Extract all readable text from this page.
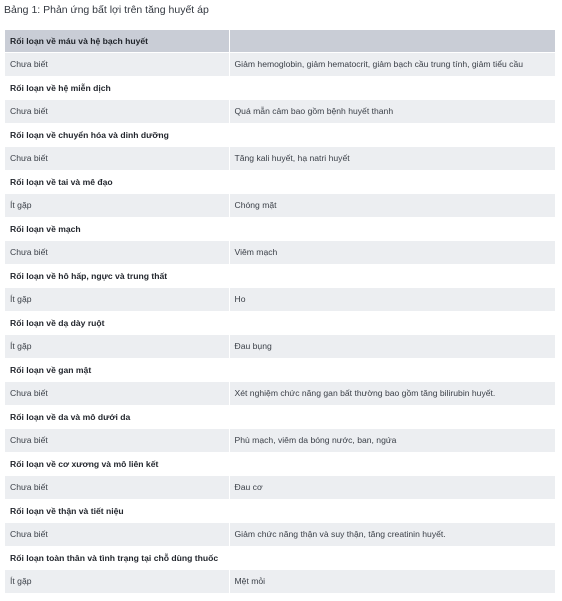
Bảng 1: Phản ứng bất lợi trên tăng huyết áp
Rối loạn về máu và hệ bạch huyết	
Chưa biết	Giảm hemoglobin, giảm hematocrit, giảm bạch cầu trung tính, giảm tiểu cầu
Rối loạn về hệ miễn dịch	
Chưa biết	Quá mẫn cảm bao gồm bệnh huyết thanh
Rối loạn về chuyển hóa và dinh dưỡng	
Chưa biết	Tăng kali huyết, hạ natri huyết
Rối loạn về tai và mê đạo	
Ít gặp	Chóng mặt
Rối loạn về mạch	
Chưa biết	Viêm mạch
Rối loạn về hô hấp, ngực và trung thất	
Ít gặp	Ho
Rối loạn về dạ dày ruột	
Ít gặp	Đau bụng
Rối loạn về gan mật	
Chưa biết	Xét nghiệm chức năng gan bất thường bao gồm tăng bilirubin huyết.
Rối loạn về da và mô dưới da	
Chưa biết	Phù mạch, viêm da bóng nước, ban, ngứa
Rối loạn về cơ xương và mô liên kết	
Chưa biết	Đau cơ
Rối loạn về thận và tiết niệu	
Chưa biết	Giảm chức năng thận và suy thận, tăng creatinin huyết.
Rối loạn toàn thân và tình trạng tại chỗ dùng thuốc	
Ít gặp	Mệt mỏi
